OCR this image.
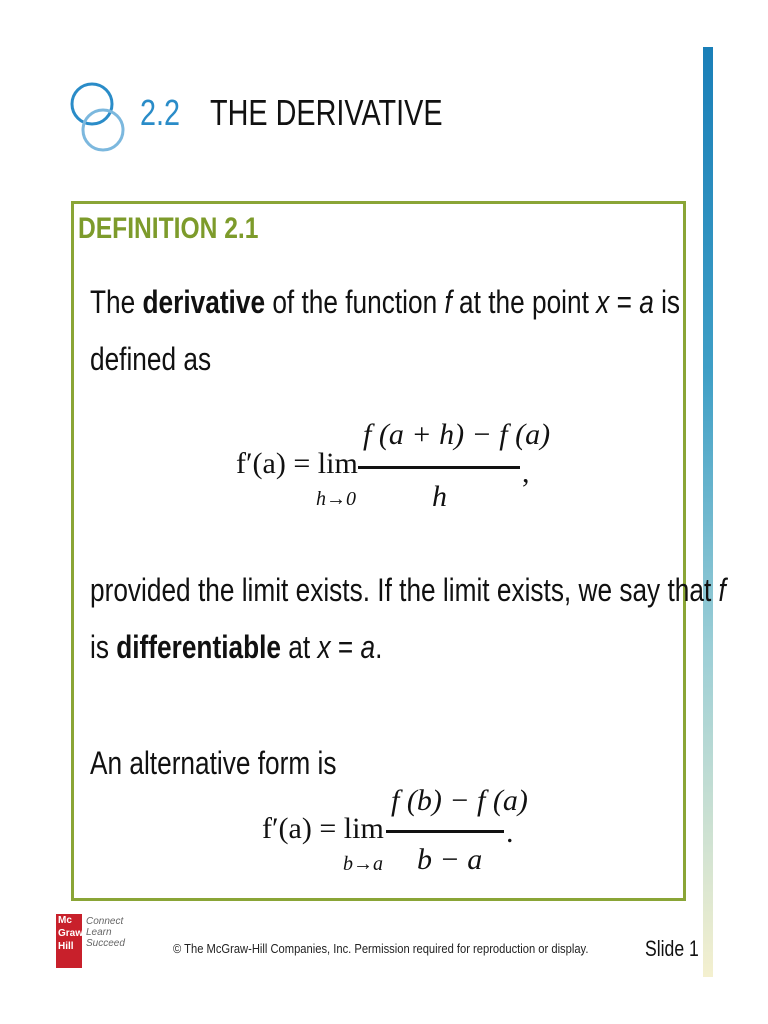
2.2 THE DERIVATIVE
DEFINITION 2.1
The derivative of the function f at the point x = a is
defined as
f′(a) = lim
h→0
f (a + h) − f (a)
h
,
provided the limit exists. If the limit exists, we say that f
is differentiable at x = a.
An alternative form is
f′(a) = lim
b→a
f (b) − f (a)
b − a
.
Mc
Graw
Hill
Connect
Learn
Succeed	© The McGraw-Hill Companies, Inc. Permission required for reproduction or display.	Slide 1
